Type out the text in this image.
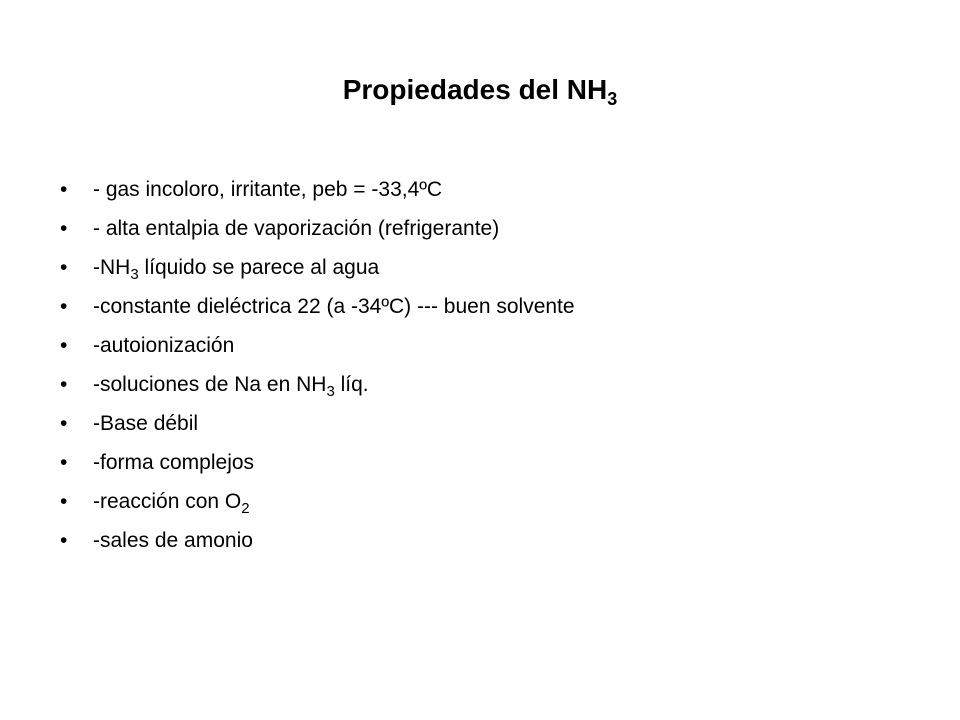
Propiedades del $NH_3$
•	- gas incoloro, irritante, peb = -33,4ºC
•	- alta entalpia de vaporización (refrigerante)
•	$-NH_3$ líquido se parece al agua
•	-constante dieléctrica 22 (a -34ºC) --- buen solvente
•	-autoionización
•	-soluciones de Na en $NH_3$ líq.
•	-Base débil
•	-forma complejos
•	-reacción con $O_2$
•	-sales de amonio
